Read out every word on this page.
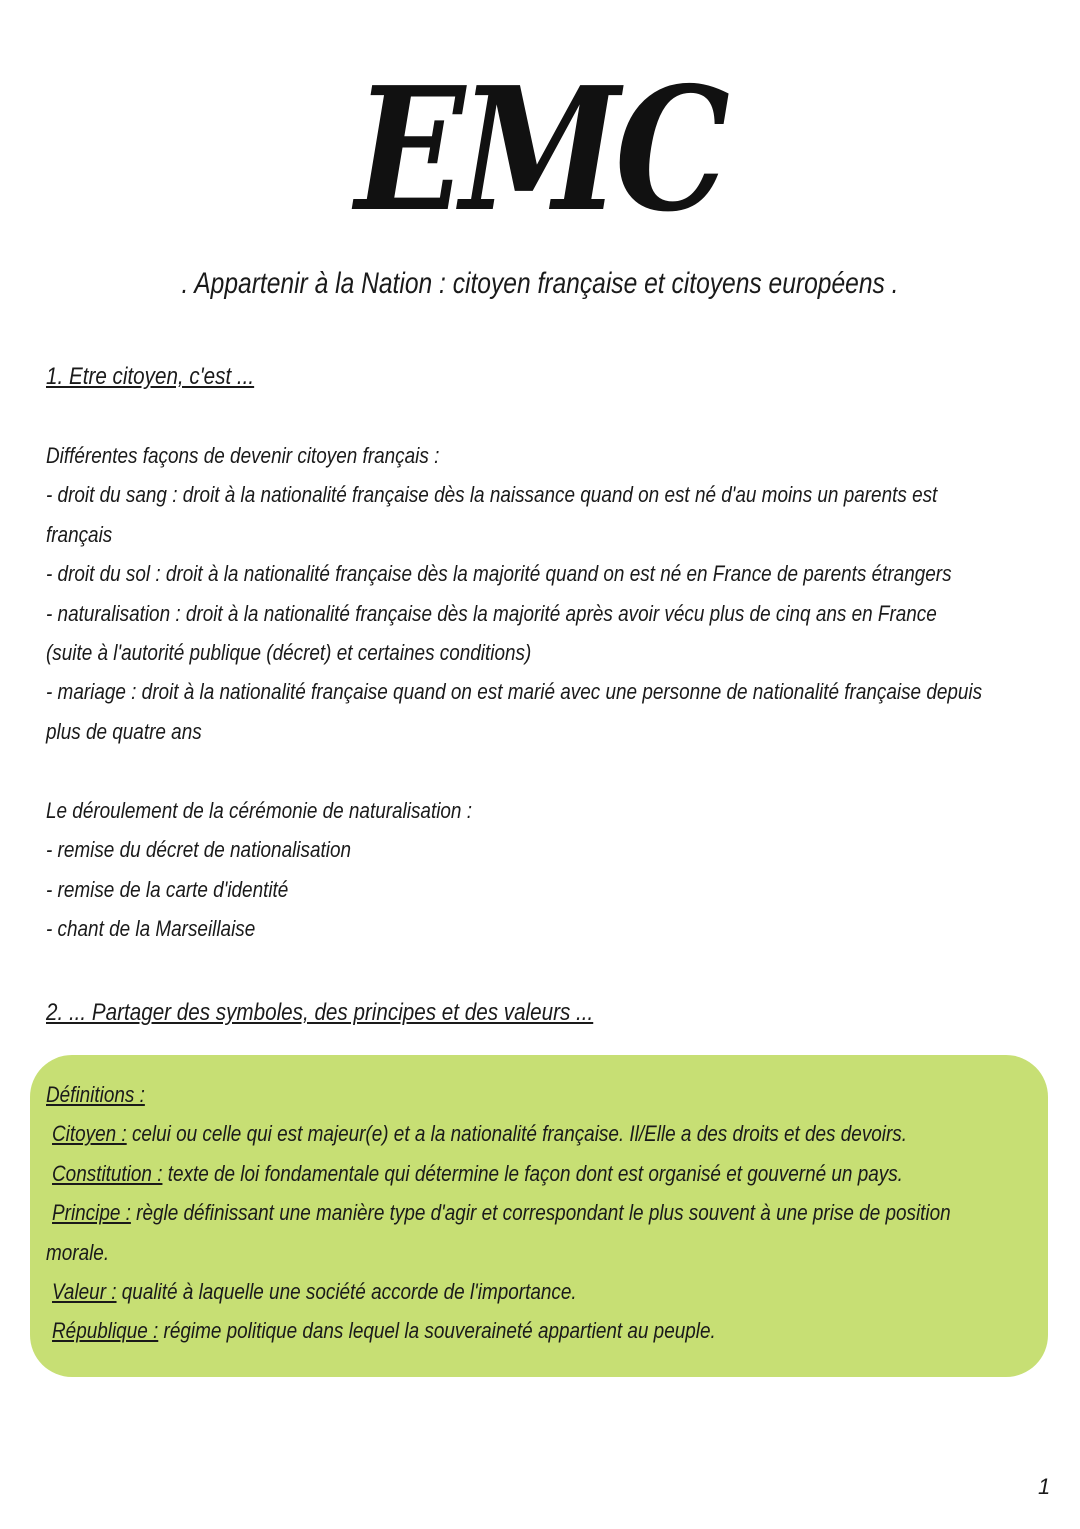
EMC
. Appartenir à la Nation : citoyen française et citoyens européens .
1. Etre citoyen, c'est ...

Différentes façons de devenir citoyen français :

- droit du sang : droit à la nationalité française dès la naissance quand on est né d'au moins un parents est

français

- droit du sol : droit à la nationalité française dès la majorité quand on est né en France de parents étrangers

- naturalisation : droit à la nationalité française dès la majorité après avoir vécu plus de cinq ans en France

(suite à l'autorité publique (décret) et certaines conditions)

- mariage : droit à la nationalité française quand on est marié avec une personne de nationalité française depuis

plus de quatre ans

Le déroulement de la cérémonie de naturalisation :

- remise du décret de nationalisation

- remise de la carte d'identité

- chant de la Marseillaise

2. ... Partager des symboles, des principes et des valeurs ...

Définitions :

Citoyen : celui ou celle qui est majeur(e) et a la nationalité française. Il/Elle a des droits et des devoirs.

Constitution : texte de loi fondamentale qui détermine le façon dont est organisé et gouverné un pays.

Principe : règle définissant une manière type d'agir et correspondant le plus souvent à une prise de position

morale.

Valeur : qualité à laquelle une société accorde de l'importance.

République : régime politique dans lequel la souveraineté appartient au peuple.

1
